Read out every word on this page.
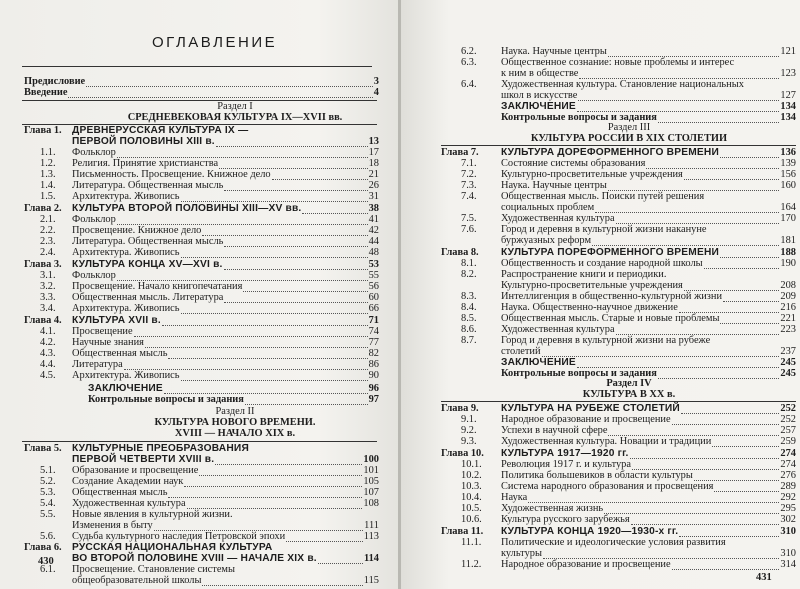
ОГЛАВЛЕНИЕ
Предисловие	3
Введение	4
Раздел I
СРЕДНЕВЕКОВАЯ КУЛЬТУРА IX—XVII вв.
Глава 1.	ДРЕВНЕРУССКАЯ КУЛЬТУРА IX —
ПЕРВОЙ ПОЛОВИНЫ XIII в.	13
1.1.	Фольклор	17
1.2.	Религия. Принятие христианства	18
1.3.	Письменность. Просвещение. Книжное дело	21
1.4.	Литература. Общественная мысль	26
1.5.	Архитектура. Живопись	31
Глава 2.	КУЛЬТУРА ВТОРОЙ ПОЛОВИНЫ XIII—XV вв.	38
2.1.	Фольклор	41
2.2.	Просвещение. Книжное дело	42
2.3.	Литература. Общественная мысль	44
2.4.	Архитектура. Живопись	48
Глава 3.	КУЛЬТУРА КОНЦА XV—XVI в.	53
3.1.	Фольклор	55
3.2.	Просвещение. Начало книгопечатания	56
3.3.	Общественная мысль. Литература	60
3.4.	Архитектура. Живопись	66
Глава 4.	КУЛЬТУРА XVII в.	71
4.1.	Просвещение	74
4.2.	Научные знания	77
4.3.	Общественная мысль	82
4.4.	Литература	86
4.5.	Архитектура. Живопись	90
ЗАКЛЮЧЕНИЕ	96
Контрольные вопросы и задания	97
Раздел II
КУЛЬТУРА НОВОГО ВРЕМЕНИ.
XVIII — НАЧАЛО XIX в.
Глава 5.	КУЛЬТУРНЫЕ ПРЕОБРАЗОВАНИЯ
ПЕРВОЙ ЧЕТВЕРТИ XVIII в.	100
5.1.	Образование и просвещение	101
5.2.	Создание Академии наук	105
5.3.	Общественная мысль	107
5.4.	Художественная культура	108
5.5.	Новые явления в культурной жизни.
Изменения в быту	111
5.6.	Судьба культурного наследия Петровской эпохи	113
Глава 6.	РУССКАЯ НАЦИОНАЛЬНАЯ КУЛЬТУРА
ВО ВТОРОЙ ПОЛОВИНЕ XVIII — НАЧАЛЕ XIX в.	114
6.1.	Просвещение. Становление системы
общеобразовательной школы	115
6.2.	Наука. Научные центры	121
6.3.	Общественное сознание: новые проблемы и интерес
к ним в обществе	123
6.4.	Художественная культура. Становление национальных
школ в искусстве	127
ЗАКЛЮЧЕНИЕ	134
Контрольные вопросы и задания	134
Раздел III
КУЛЬТУРА РОССИИ В XIX СТОЛЕТИИ
Глава 7.	КУЛЬТУРА ДОРЕФОРМЕННОГО ВРЕМЕНИ	136
7.1.	Состояние системы образования	139
7.2.	Культурно-просветительные учреждения	156
7.3.	Наука. Научные центры	160
7.4.	Общественная мысль. Поиски путей решения
социальных проблем	164
7.5.	Художественная культура	170
7.6.	Город и деревня в культурной жизни накануне
буржуазных реформ	181
Глава 8.	КУЛЬТУРА ПОРЕФОРМЕННОГО ВРЕМЕНИ	188
8.1.	Общественность и создание народной школы	190
8.2.	Распространение книги и периодики.
Культурно-просветительные учреждения	208
8.3.	Интеллигенция в общественно-культурной жизни	209
8.4.	Наука. Общественно-научное движение	216
8.5.	Общественная мысль. Старые и новые проблемы	221
8.6.	Художественная культура	223
8.7.	Город и деревня в культурной жизни на рубеже
столетий	237
ЗАКЛЮЧЕНИЕ	245
Контрольные вопросы и задания	245
Раздел IV
КУЛЬТУРА В XX в.
Глава 9.	КУЛЬТУРА НА РУБЕЖЕ СТОЛЕТИЙ	252
9.1.	Народное образование и просвещение	252
9.2.	Успехи в научной сфере	257
9.3.	Художественная культура. Новации и традиции	259
Глава 10.	КУЛЬТУРА 1917—1920 гг.	274
10.1.	Революция 1917 г. и культура	274
10.2.	Политика большевиков в области культуры	276
10.3.	Система народного образования и просвещения	289
10.4.	Наука	292
10.5.	Художественная жизнь	295
10.6.	Культура русского зарубежья	302
Глава 11.	КУЛЬТУРА КОНЦА 1920—1930-х гг.	310
11.1.	Политические и идеологические условия развития
культуры	310
11.2.	Народное образование и просвещение	314
431
430
